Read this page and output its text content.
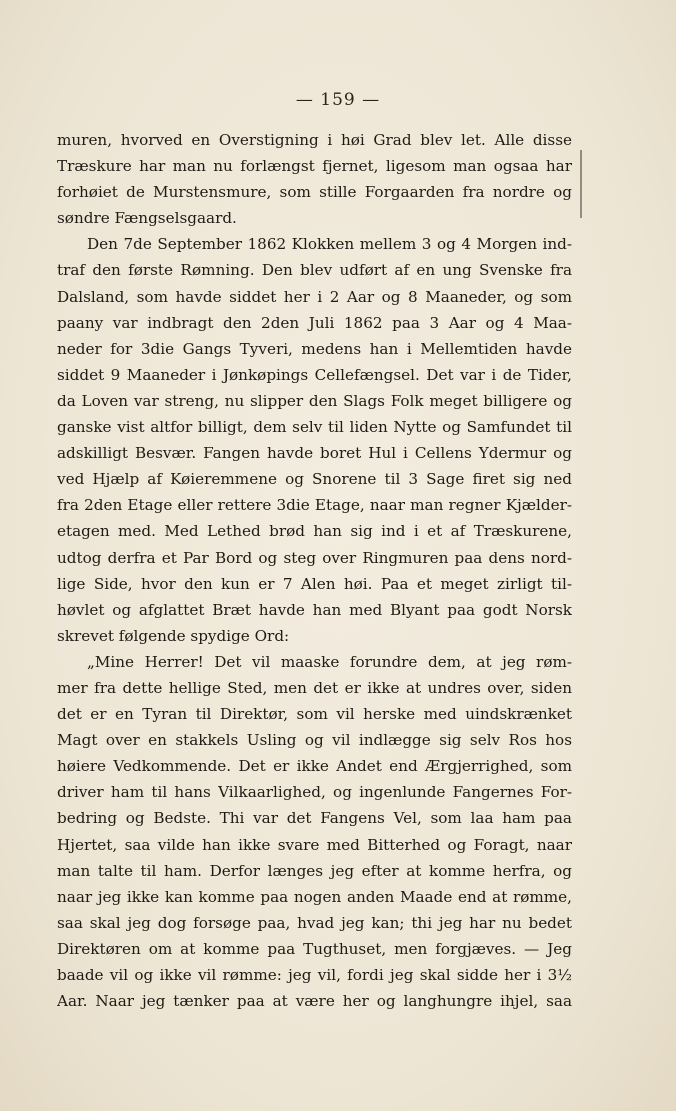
— 159 —
muren, hvorved en Overstigning i høi Grad blev let. Alle disse
Træskure har man nu forlængst fjernet, ligesom man ogsaa har
forhøiet de Murstensmure, som stille Forgaarden fra nordre og
søndre Fængselsgaard.
Den 7de September 1862 Klokken mellem 3 og 4 Morgen ind-
traf den første Rømning. Den blev udført af en ung Svenske fra
Dalsland, som havde siddet her i 2 Aar og 8 Maaneder, og som
paany var indbragt den 2den Juli 1862 paa 3 Aar og 4 Maa-
neder for 3die Gangs Tyveri, medens han i Mellemtiden havde
siddet 9 Maaneder i Jønkøpings Cellefængsel. Det var i de Tider,
da Loven var streng, nu slipper den Slags Folk meget billigere og
ganske vist altfor billigt, dem selv til liden Nytte og Samfundet til
adskilligt Besvær. Fangen havde boret Hul i Cellens Ydermur og
ved Hjælp af Køieremmene og Snorene til 3 Sage firet sig ned
fra 2den Etage eller rettere 3die Etage, naar man regner Kjælder-
etagen med. Med Lethed brød han sig ind i et af Træskurene,
udtog derfra et Par Bord og steg over Ringmuren paa dens nord-
lige Side, hvor den kun er 7 Alen høi. Paa et meget zirligt til-
høvlet og afglattet Bræt havde han med Blyant paa godt Norsk
skrevet følgende spydige Ord:
„Mine Herrer! Det vil maaske forundre dem, at jeg røm-
mer fra dette hellige Sted, men det er ikke at undres over, siden
det er en Tyran til Direktør, som vil herske med uindskrænket
Magt over en stakkels Usling og vil indlægge sig selv Ros hos
høiere Vedkommende. Det er ikke Andet end Ærgjerrighed, som
driver ham til hans Vilkaarlighed, og ingenlunde Fangernes For-
bedring og Bedste. Thi var det Fangens Vel, som laa ham paa
Hjertet, saa vilde han ikke svare med Bitterhed og Foragt, naar
man talte til ham. Derfor længes jeg efter at komme herfra, og
naar jeg ikke kan komme paa nogen anden Maade end at rømme,
saa skal jeg dog forsøge paa, hvad jeg kan; thi jeg har nu bedet
Direktøren om at komme paa Tugthuset, men forgjæves. — Jeg
baade vil og ikke vil rømme: jeg vil, fordi jeg skal sidde her i 3½
Aar. Naar jeg tænker paa at være her og langhungre ihjel, saa
